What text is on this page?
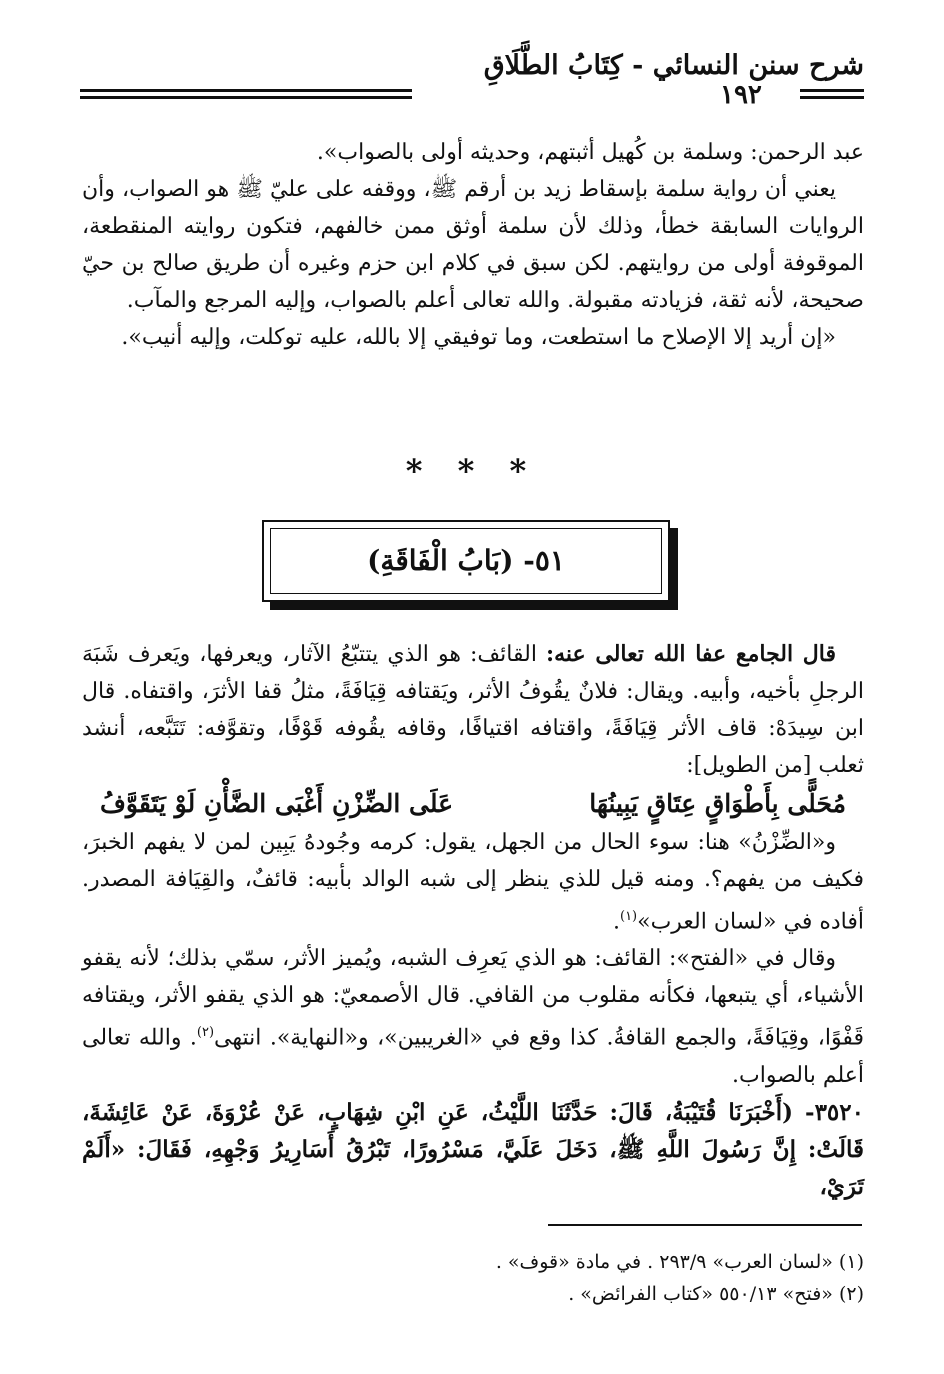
شرح سنن النسائي - كِتَابُ الطَّلَاقِ
١٩٢

عبد الرحمن: وسلمة بن كُهيل أثبتهم، وحديثه أولى بالصواب».

يعني أن رواية سلمة بإسقاط زيد بن أرقم ﷺ، ووقفه على عليّ ﷺ هو الصواب، وأن الروايات السابقة خطأ، وذلك لأن سلمة أوثق ممن خالفهم، فتكون روايته المنقطعة، الموقوفة أولى من روايتهم. لكن سبق في كلام ابن حزم وغيره أن طريق صالح بن حيّ صحيحة، لأنه ثقة، فزيادته مقبولة. والله تعالى أعلم بالصواب، وإليه المرجع والمآب.

«إن أريد إلا الإصلاح ما استطعت، وما توفيقي إلا بالله، عليه توكلت، وإليه أنيب».

* * *
٥١- (بَابُ الْفَاقَةِ)

قال الجامع عفا الله تعالى عنه: القائف: هو الذي يتتبّعُ الآثار، ويعرفها، ويَعرف شَبَهَ الرجلِ بأخيه، وأبيه. ويقال: فلانٌ يقُوفُ الأثر، ويَقتافه قِيَافَةً، مثلُ قفا الأثرَ، واقتفاه. قال ابن سِيدَهْ: قاف الأثر قِيَافَةً، واقتافه اقتيافًا، وقافه يقُوفه قَوْفًا، وتقوَّفه: تَتَبَّعه، أنشد ثعلب [من الطويل]:

مُحَلًّى بِأَطْوَاقٍ عِتَاقٍ يَبِينُهَا
عَلَى الضِّزْنِ أَغْبَى الضَّأْنِ لَوْ يَتَقَوَّفُ

و«الضِّزْنُ» هنا: سوء الحال من الجهل، يقول: كرمه وجُودهُ يَبِين لمن لا يفهم الخبرَ، فكيف من يفهم؟. ومنه قيل للذي ينظر إلى شبه الوالد بأبيه: قائفٌ، والقِيَافة المصدر. أفاده في «لسان العرب»$^{(١)}$.

وقال في «الفتح»: القائف: هو الذي يَعرِف الشبه، ويُميز الأثر، سمّي بذلك؛ لأنه يقفو الأشياء، أي يتبعها، فكأنه مقلوب من القافي. قال الأصمعيّ: هو الذي يقفو الأثر، ويقتافه قَفْوًا، وقِيَافَةً، والجمع القافةُ. كذا وقع في «الغريبين»، و«النهاية». انتهى$^{(٢)}$. والله تعالى أعلم بالصواب.

٣٥٢٠- (أَخْبَرَنَا قُتَيْبَةُ، قَالَ: حَدَّثَنَا اللَّيْثُ، عَنِ ابْنِ شِهَابٍ، عَنْ عُرْوَةَ، عَنْ عَائِشَةَ، قَالَتْ: إِنَّ رَسُولَ اللَّهِ ﷺ، دَخَلَ عَلَيَّ، مَسْرُورًا، تَبْرُقُ أَسَارِيرُ وَجْهِهِ، فَقَالَ: «أَلَمْ تَرَيْ،

(١) «لسان العرب» ٢٩٣/٩ . في مادة «قوف» .

(٢) «فتح» ٥٥٠/١٣ «كتاب الفرائض» .
